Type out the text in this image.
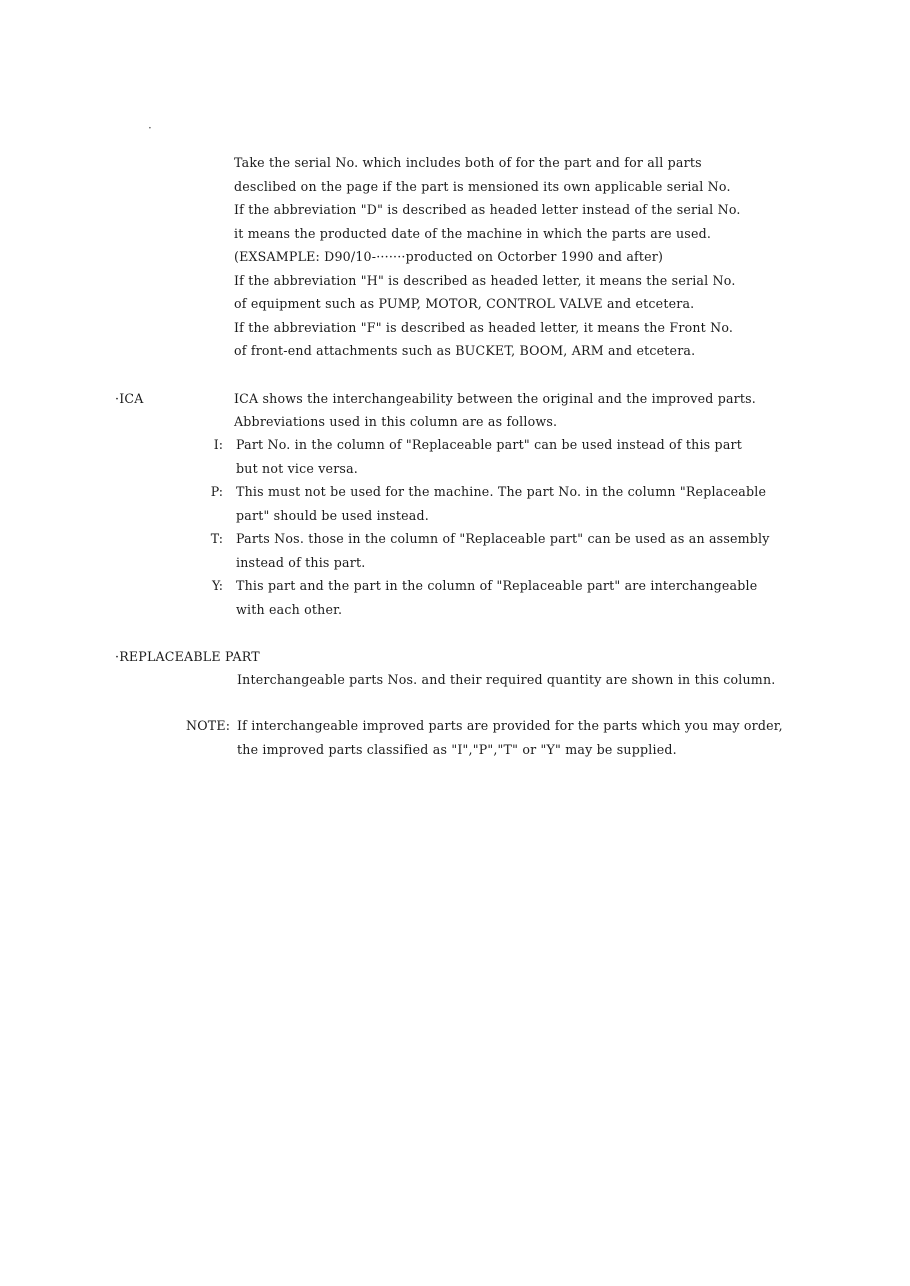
·
Take the serial No. which includes both of for the part and for all parts
desclibed on the page if the part is mensioned its own applicable serial No.
If the abbreviation "D" is described as headed letter instead of the serial No.
it means the producted date of the machine in which the parts are used.
(EXSAMPLE: D90/10-·······producted on Octorber 1990 and after)
If the abbreviation "H" is described as headed letter, it means the serial No.
of equipment such as PUMP, MOTOR, CONTROL VALVE and etcetera.
If the abbreviation "F" is described as headed letter, it means the Front No.
of front-end attachments such as BUCKET, BOOM, ARM and etcetera.
·ICA	ICA shows the interchangeability between the original and the improved parts.
Abbreviations used in this column are as follows.
I: Part No. in the column of "Replaceable part" can be used instead of this part
but not vice versa.
P: This must not be used for the machine. The part No. in the column "Replaceable
part" should be used instead.
T: Parts Nos. those in the column of "Replaceable part" can be used as an assembly
instead of this part.
Y: This part and the part in the column of "Replaceable part" are interchangeable
with each other.
·REPLACEABLE PART
Interchangeable parts Nos. and their required quantity are shown in this column.
NOTE: If interchangeable improved parts are provided for the parts which you may order,
the improved parts classified as "I","P","T" or "Y" may be supplied.
